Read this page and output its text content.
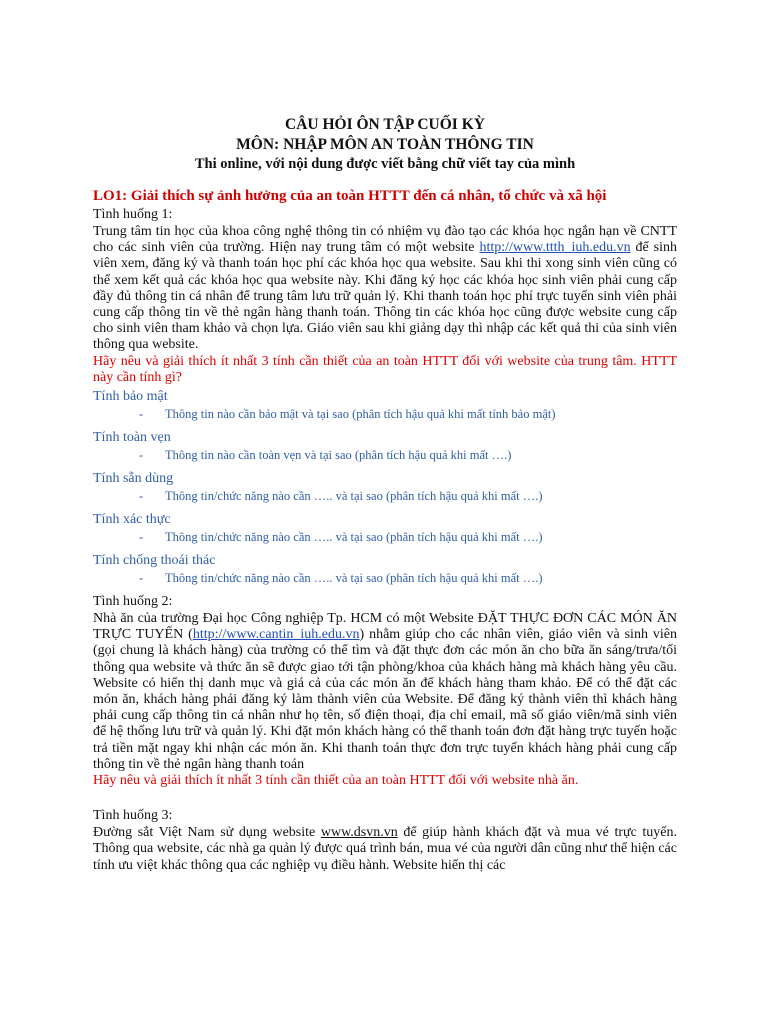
CÂU HỎI ÔN TẬP CUỐI KỲ
MÔN: NHẬP MÔN AN TOÀN THÔNG TIN
Thi online, với nội dung được viết bằng chữ viết tay của mình
LO1: Giải thích sự ảnh hưởng của an toàn HTTT đến cá nhân, tổ chức và xã hội
Tình huống 1:

Trung tâm tin học của khoa công nghệ thông tin có nhiệm vụ đào tạo các khóa học ngắn hạn về CNTT cho các sinh viên của trường. Hiện nay trung tâm có một website http://www.ttth_iuh.edu.vn để sinh viên xem, đăng ký và thanh toán học phí các khóa học qua website. Sau khi thi xong sinh viên cũng có thể xem kết quả các khóa học qua website này. Khi đăng ký học các khóa học sinh viên phải cung cấp đầy đủ thông tin cá nhân để trung tâm lưu trữ quản lý. Khi thanh toán học phí trực tuyến sinh viên phải cung cấp thông tin về thẻ ngân hàng thanh toán. Thông tin các khóa học cũng được website cung cấp cho sinh viên tham khảo và chọn lựa. Giáo viên sau khi giảng dạy thì nhập các kết quả thi của sinh viên thông qua website.

Hãy nêu và giải thích ít nhất 3 tính cần thiết của an toàn HTTT đối với website của trung tâm. HTTT này cần tính gì?

Tính bảo mật
-	Thông tin nào cần bảo mật và tại sao (phân tích hậu quả khi mất tính bảo mật)
Tính toàn vẹn
-	Thông tin nào cần toàn vẹn và tại sao (phân tích hậu quả khi mất ….)
Tính sẵn dùng
-	Thông tin/chức năng nào cần ….. và tại sao (phân tích hậu quả khi mất ….)
Tính xác thực
-	Thông tin/chức năng nào cần ….. và tại sao (phân tích hậu quả khi mất ….)
Tính chống thoái thác
-	Thông tin/chức năng nào cần ….. và tại sao (phân tích hậu quả khi mất ….)
Tình huống 2:

Nhà ăn của trường Đại học Công nghiệp Tp. HCM có một Website ĐẶT THỰC ĐƠN CÁC MÓN ĂN TRỰC TUYẾN (http://www.cantin_iuh.edu.vn) nhằm giúp cho các nhân viên, giáo viên và sinh viên (gọi chung là khách hàng) của trường có thể tìm và đặt thực đơn các món ăn cho bữa ăn sáng/trưa/tối thông qua website và thức ăn sẽ được giao tới tận phòng/khoa của khách hàng mà khách hàng yêu cầu. Website có hiển thị danh mục và giá cả của các món ăn để khách hàng tham khảo. Để có thể đặt các món ăn, khách hàng phải đăng ký làm thành viên của Website. Để đăng ký thành viên thì khách hàng phải cung cấp thông tin cá nhân như họ tên, số điện thoại, địa chỉ email, mã số giáo viên/mã sinh viên để hệ thống lưu trữ và quản lý. Khi đặt món khách hàng có thể thanh toán đơn đặt hàng trực tuyến hoặc trả tiền mặt ngay khi nhận các món ăn. Khi thanh toán thực đơn trực tuyến khách hàng phải cung cấp thông tin về thẻ ngân hàng thanh toán

Hãy nêu và giải thích ít nhất 3 tính cần thiết của an toàn HTTT đối với website nhà ăn.

Tình huống 3:

Đường sắt Việt Nam sử dụng website www.dsvn.vn để giúp hành khách đặt và mua vé trực tuyến. Thông qua website, các nhà ga quản lý được quá trình bán, mua vé của người dân cũng như thể hiện các tính ưu việt khác thông qua các nghiệp vụ điều hành. Website hiển thị các
